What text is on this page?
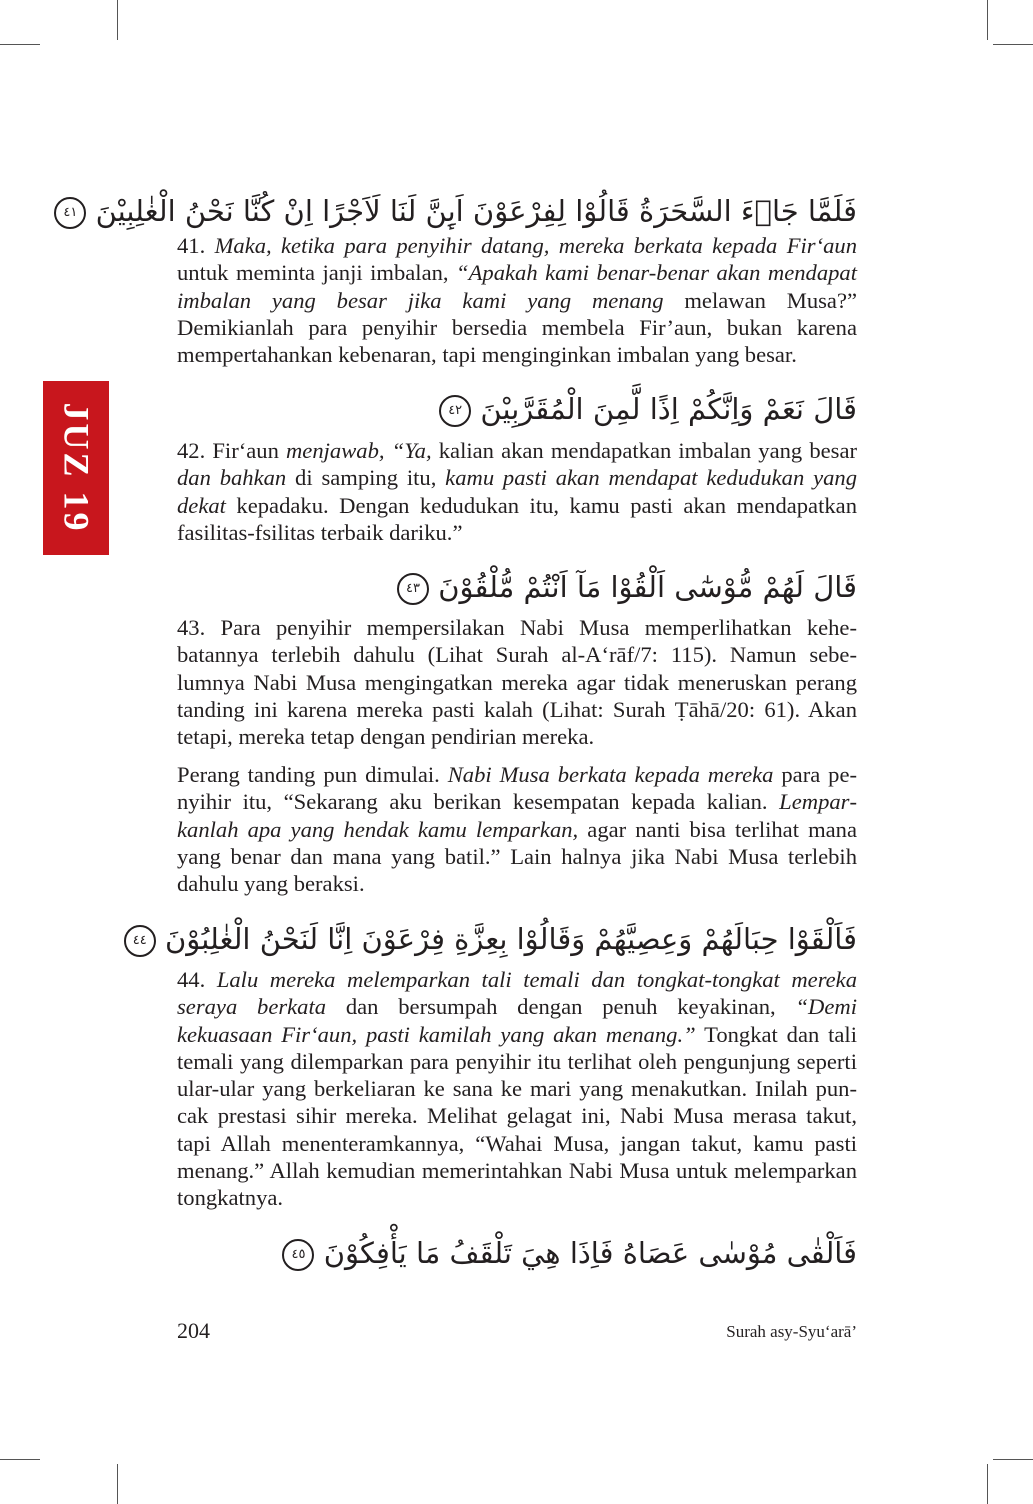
JUZ 19
فَلَمَّا جَاۤءَ السَّحَرَةُ قَالُوْا لِفِرْعَوْنَ اَىِٕنَّ لَنَا لَاَجْرًا اِنْ كُنَّا نَحْنُ الْغٰلِبِيْنَ ٤١

41. Maka, ketika para penyihir datang, mereka berkata kepada Fir‘aun untuk meminta janji imbalan, “Apakah kami benar-benar akan mendapat imbalan yang besar jika kami yang menang melawan Musa?” Demikianlah para penyihir bersedia membela Fir’aun, bukan karena mempertahankan kebenaran, tapi menginginkan imbalan yang besar.

قَالَ نَعَمْ وَاِنَّكُمْ اِذًا لَّمِنَ الْمُقَرَّبِيْنَ ٤٢

42. Fir‘aun menjawab, “Ya, kalian akan mendapatkan imbalan yang besar dan bahkan di samping itu, kamu pasti akan mendapat kedudukan yang dekat kepadaku. Dengan kedudukan itu, kamu pasti akan mendapatkan fasilitas-fsilitas terbaik dariku.”

قَالَ لَهُمْ مُّوْسٰٓى اَلْقُوْا مَآ اَنْتُمْ مُّلْقُوْنَ ٤٣

43. Para penyihir mempersilakan Nabi Musa memperlihatkan kehebatannya terlebih dahulu (Lihat Surah al-A‘rāf/7: 115). Namun sebelumnya Nabi Musa mengingatkan mereka agar tidak meneruskan perang tanding ini karena mereka pasti kalah (Lihat: Surah Ṭāhā/20: 61). Akan tetapi, mereka tetap dengan pendirian mereka.

Perang tanding pun dimulai. Nabi Musa berkata kepada mereka para penyihir itu, “Sekarang aku berikan kesempatan kepada kalian. Lemparkanlah apa yang hendak kamu lemparkan, agar nanti bisa terlihat mana yang benar dan mana yang batil.” Lain halnya jika Nabi Musa terlebih dahulu yang beraksi.

فَاَلْقَوْا حِبَالَهُمْ وَعِصِيَّهُمْ وَقَالُوْا بِعِزَّةِ فِرْعَوْنَ اِنَّا لَنَحْنُ الْغٰلِبُوْنَ ٤٤

44. Lalu mereka melemparkan tali temali dan tongkat-tongkat mereka seraya berkata dan bersumpah dengan penuh keyakinan, “Demi kekuasaan Fir‘aun, pasti kamilah yang akan menang.” Tongkat dan tali temali yang dilemparkan para penyihir itu terlihat oleh pengunjung seperti ular-ular yang berkeliaran ke sana ke mari yang menakutkan. Inilah puncak prestasi sihir mereka. Melihat gelagat ini, Nabi Musa merasa takut, tapi Allah menenteramkannya, “Wahai Musa, jangan takut, kamu pasti menang.” Allah kemudian memerintahkan Nabi Musa untuk melemparkan tongkatnya.

فَاَلْقٰى مُوْسٰى عَصَاهُ فَاِذَا هِيَ تَلْقَفُ مَا يَأْفِكُوْنَ ٤٥
204	Surah asy-Syu‘arā’
